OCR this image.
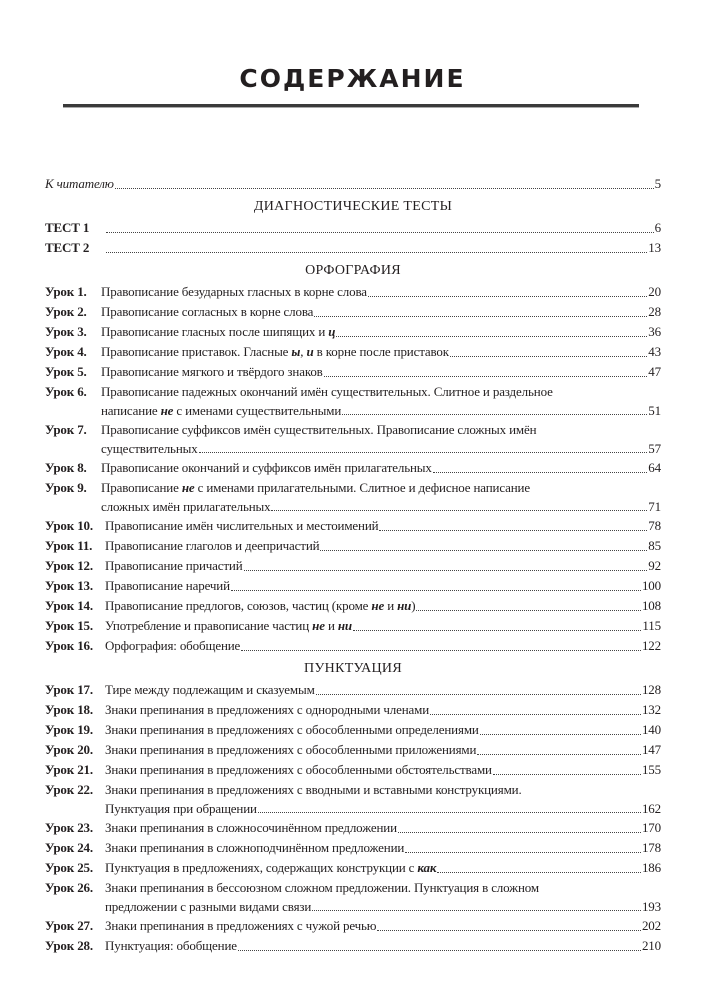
СОДЕРЖАНИЕ
К читателю	5
ДИАГНОСТИЧЕСКИЕ ТЕСТЫ
ТЕСТ 1	6
ТЕСТ 2	13
ОРФОГРАФИЯ
Урок 1.	Правописание безударных гласных в корне слова	20
Урок 2.	Правописание согласных в корне слова	28
Урок 3.	Правописание гласных после шипящих и ц	36
Урок 4.	Правописание приставок. Гласные ы, и в корне после приставок	43
Урок 5.	Правописание мягкого и твёрдого знаков	47
Урок 6.	Правописание падежных окончаний имён существительных. Слитное и раздельное
написание не с именами существительными	51
Урок 7.	Правописание суффиксов имён существительных. Правописание сложных имён
существительных	57
Урок 8.	Правописание окончаний и суффиксов имён прилагательных	64
Урок 9.	Правописание не с именами прилагательными. Слитное и дефисное написание
сложных имён прилагательных	71
Урок 10. Правописание имён числительных и местоимений	78
Урок 11. Правописание глаголов и деепричастий	85
Урок 12. Правописание причастий	92
Урок 13. Правописание наречий	100
Урок 14. Правописание предлогов, союзов, частиц (кроме не и ни)	108
Урок 15. Употребление и правописание частиц не и ни	115
Урок 16. Орфография: обобщение	122
ПУНКТУАЦИЯ
Урок 17. Тире между подлежащим и сказуемым	128
Урок 18. Знаки препинания в предложениях с однородными членами	132
Урок 19. Знаки препинания в предложениях с обособленными определениями	140
Урок 20. Знаки препинания в предложениях с обособленными приложениями	147
Урок 21. Знаки препинания в предложениях с обособленными обстоятельствами	155
Урок 22. Знаки препинания в предложениях с вводными и вставными конструкциями.
Пунктуация при обращении	162
Урок 23. Знаки препинания в сложносочинённом предложении	170
Урок 24. Знаки препинания в сложноподчинённом предложении	178
Урок 25. Пунктуация в предложениях, содержащих конструкции с как	186
Урок 26. Знаки препинания в бессоюзном сложном предложении. Пунктуация в сложном
предложении с разными видами связи	193
Урок 27. Знаки препинания в предложениях с чужой речью	202
Урок 28. Пунктуация: обобщение	210
